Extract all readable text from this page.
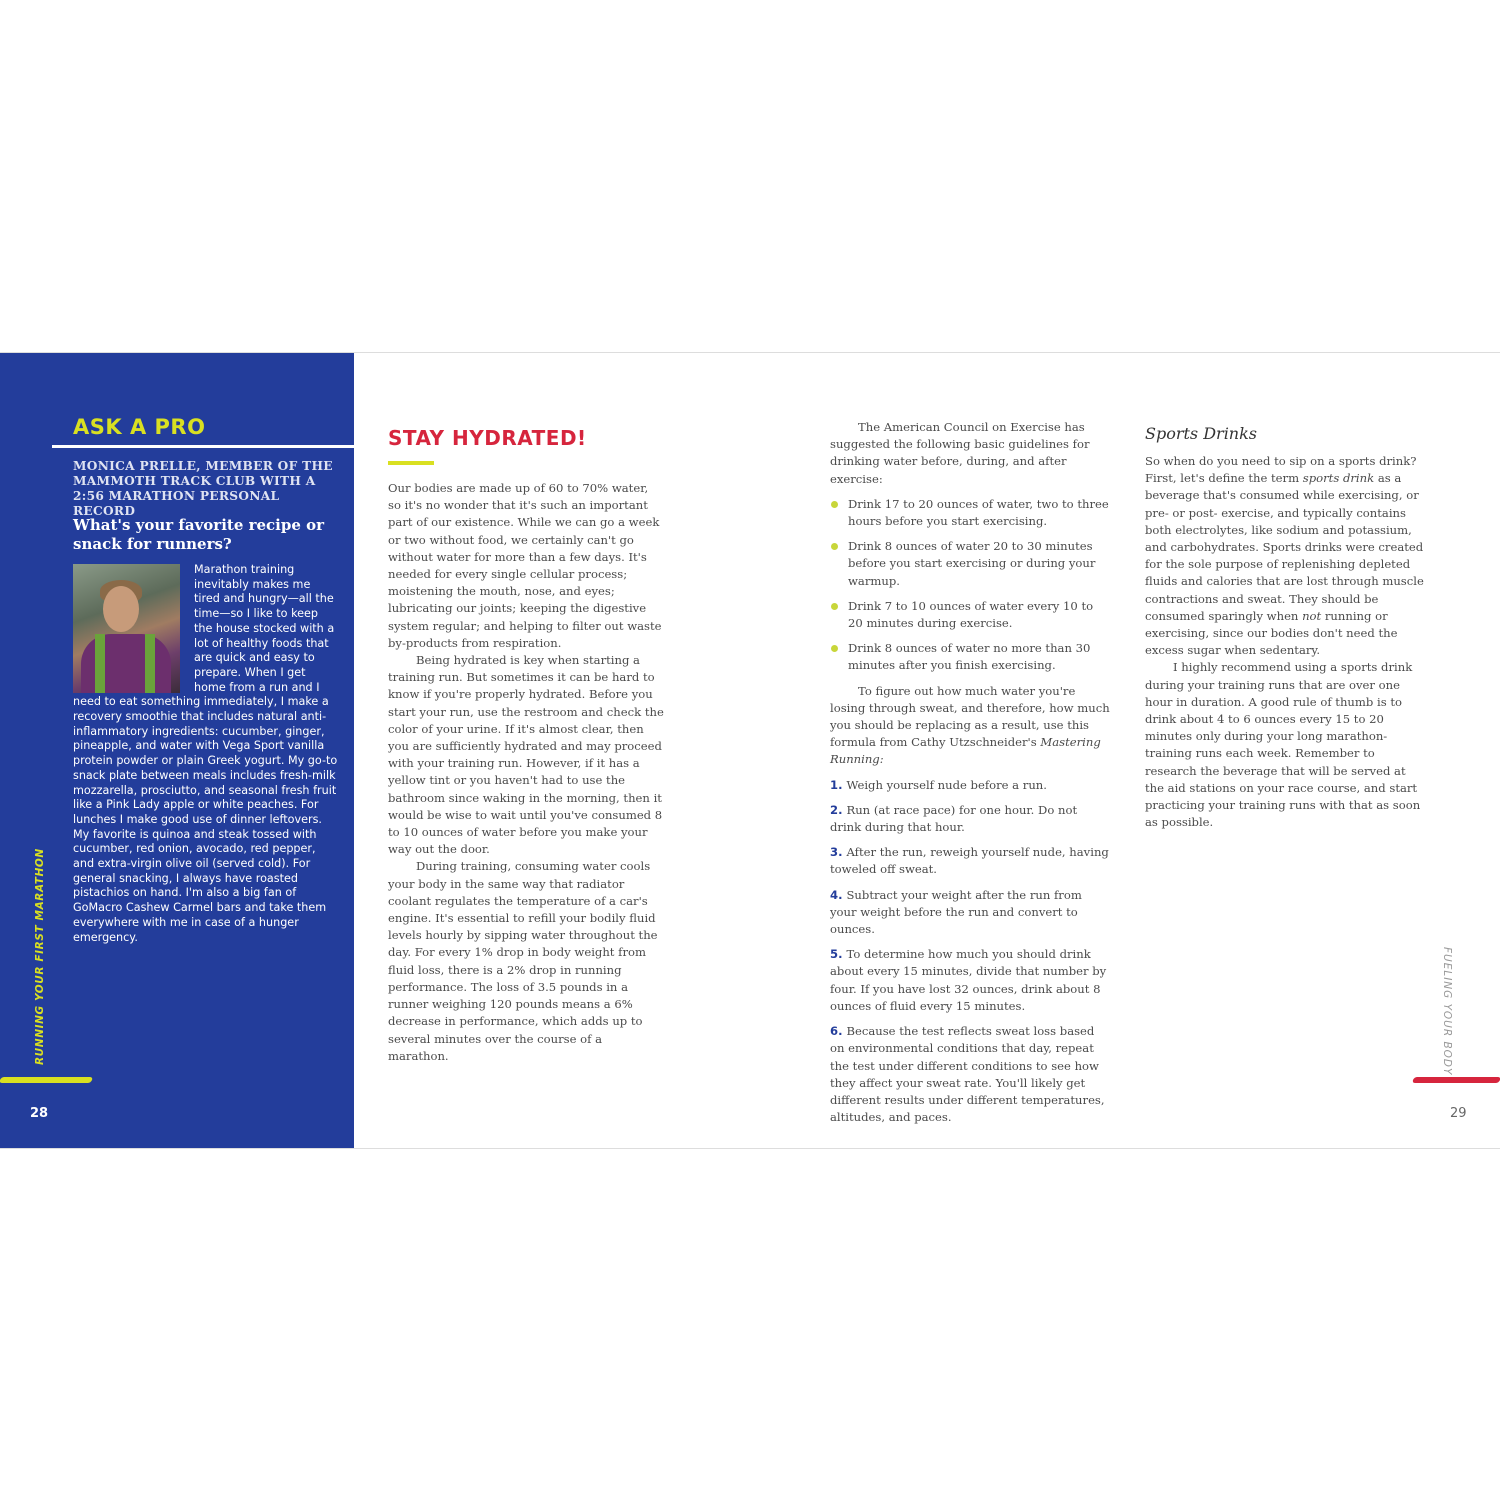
ASK A PRO
MONICA PRELLE, MEMBER OF THE MAMMOTH TRACK CLUB WITH A 2:56 MARATHON PERSONAL RECORD
What's your favorite recipe or snack for runners?
Marathon training inevitably makes me tired and hungry—all the time—so I like to keep the house stocked with a lot of healthy foods that are quick and easy to prepare. When I get home from a run and I need to eat something immediately, I make a recovery smoothie that includes natural anti-inflammatory ingredients: cucumber, ginger, pineapple, and water with Vega Sport vanilla protein powder or plain Greek yogurt. My go-to snack plate between meals includes fresh-milk mozzarella, prosciutto, and seasonal fresh fruit like a Pink Lady apple or white peaches. For lunches I make good use of dinner leftovers. My favorite is quinoa and steak tossed with cucumber, red onion, avocado, red pepper, and extra-virgin olive oil (served cold). For general snacking, I always have roasted pistachios on hand. I'm also a big fan of GoMacro Cashew Carmel bars and take them everywhere with me in case of a hunger emergency.
RUNNING YOUR FIRST MARATHON
28
STAY HYDRATED!

Our bodies are made up of 60 to 70% water, so it's no wonder that it's such an important part of our existence. While we can go a week or two without food, we certainly can't go without water for more than a few days. It's needed for every single cellular process; moistening the mouth, nose, and eyes; lubricating our joints; keeping the digestive system regular; and helping to filter out waste by-products from respiration.

Being hydrated is key when starting a training run. But sometimes it can be hard to know if you're properly hydrated. Before you start your run, use the restroom and check the color of your urine. If it's almost clear, then you are sufficiently hydrated and may proceed with your training run. However, if it has a yellow tint or you haven't had to use the bathroom since waking in the morning, then it would be wise to wait until you've consumed 8 to 10 ounces of water before you make your way out the door.

During training, consuming water cools your body in the same way that radiator coolant regulates the temperature of a car's engine. It's essential to refill your bodily fluid levels hourly by sipping water throughout the day. For every 1% drop in body weight from fluid loss, there is a 2% drop in running performance. The loss of 3.5 pounds in a runner weighing 120 pounds means a 6% decrease in performance, which adds up to several minutes over the course of a marathon.

The American Council on Exercise has suggested the following basic guidelines for drinking water before, during, and after exercise:

Drink 17 to 20 ounces of water, two to three hours before you start exercising.
Drink 8 ounces of water 20 to 30 minutes before you start exercising or during your warmup.
Drink 7 to 10 ounces of water every 10 to 20 minutes during exercise.
Drink 8 ounces of water no more than 30 minutes after you finish exercising.

To figure out how much water you're losing through sweat, and therefore, how much you should be replacing as a result, use this formula from Cathy Utzschneider's Mastering Running:

1. Weigh yourself nude before a run.
2. Run (at race pace) for one hour. Do not drink during that hour.
3. After the run, reweigh yourself nude, having toweled off sweat.
4. Subtract your weight after the run from your weight before the run and convert to ounces.
5. To determine how much you should drink about every 15 minutes, divide that number by four. If you have lost 32 ounces, drink about 8 ounces of fluid every 15 minutes.
6. Because the test reflects sweat loss based on environmental conditions that day, repeat the test under different conditions to see how they affect your sweat rate. You'll likely get different results under different temperatures, altitudes, and paces.
Sports Drinks

So when do you need to sip on a sports drink? First, let's define the term sports drink as a beverage that's consumed while exercising, or pre- or post- exercise, and typically contains both electrolytes, like sodium and potassium, and carbohydrates. Sports drinks were created for the sole purpose of replenishing depleted fluids and calories that are lost through muscle contractions and sweat. They should be consumed sparingly when not running or exercising, since our bodies don't need the excess sugar when sedentary.

I highly recommend using a sports drink during your training runs that are over one hour in duration. A good rule of thumb is to drink about 4 to 6 ounces every 15 to 20 minutes only during your long marathon-training runs each week. Remember to research the beverage that will be served at the aid stations on your race course, and start practicing your training runs with that as soon as possible.

FUELING YOUR BODY
29
